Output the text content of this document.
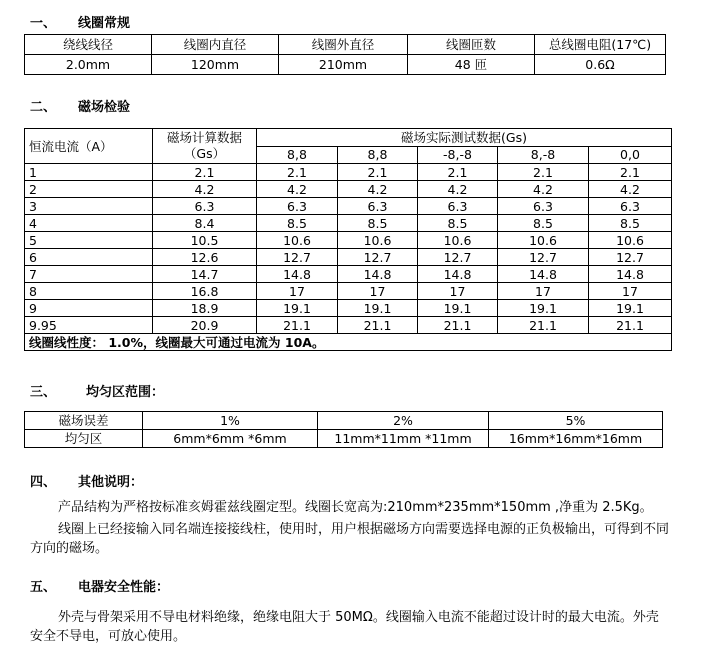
一、 线圈常规
绕线线径	线圈内直径	线圈外直径	线圈匝数	总线圈电阻(17℃)
2.0mm	120mm	210mm	48 匝	0.6Ω
二、 磁场检验
恒流电流（A）	磁场计算数据（Gs）	磁场实际测试数据(Gs)				
		8,8	8,8	-8,-8	8,-8	0,0
1	2.1	2.1	2.1	2.1	2.1	2.1
2	4.2	4.2	4.2	4.2	4.2	4.2
3	6.3	6.3	6.3	6.3	6.3	6.3
4	8.4	8.5	8.5	8.5	8.5	8.5
5	10.5	10.6	10.6	10.6	10.6	10.6
6	12.6	12.7	12.7	12.7	12.7	12.7
7	14.7	14.8	14.8	14.8	14.8	14.8
8	16.8	17	17	17	17	17
9	18.9	19.1	19.1	19.1	19.1	19.1
9.95	20.9	21.1	21.1	21.1	21.1	21.1
线圈线性度： 1.0%，线圈最大可通过电流为 10A。						
三、 均匀区范围：
磁场误差	1%	2%	5%
均匀区	6mm*6mm *6mm	11mm*11mm *11mm	16mm*16mm*16mm
四、 其他说明：

产品结构为严格按标准亥姆霍兹线圈定型。线圈长宽高为:210mm*235mm*150mm ,净重为 2.5Kg。

线圈上已经接输入同名端连接接线柱，使用时，用户根据磁场方向需要选择电源的正负极输出，可得到不同方向的磁场。

五、 电器安全性能：

外壳与骨架采用不导电材料绝缘，绝缘电阻大于 50MΩ。线圈输入电流不能超过设计时的最大电流。外壳安全不导电，可放心使用。
